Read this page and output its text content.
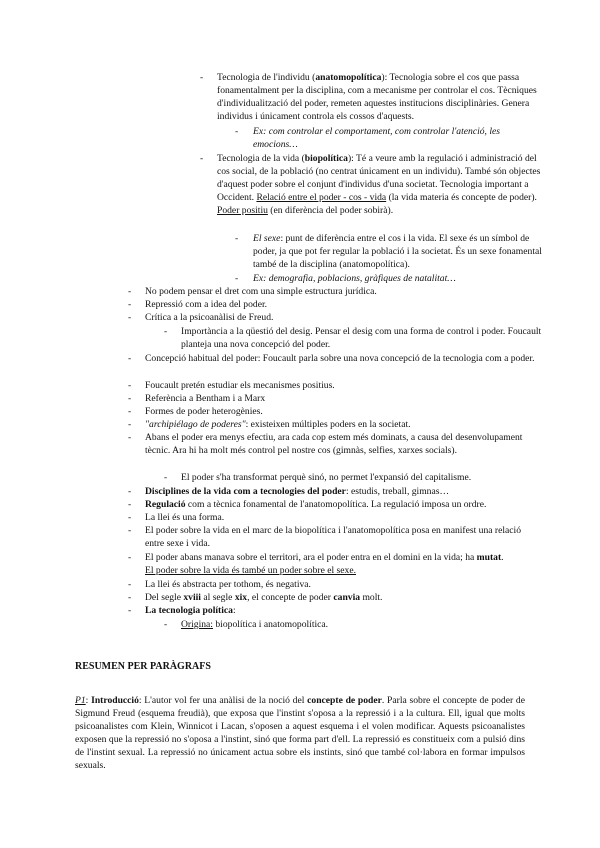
- Tecnologia de l'individu (anatomopolítica): Tecnologia sobre el cos que passa fonamentalment per la disciplina, com a mecanisme per controlar el cos. Tècniques d'individualització del poder, remeten aquestes institucions disciplinàries. Genera individus i únicament controla els cossos d'aquests.
- Ex: com controlar el comportament, com controlar l'atenció, les emocions…
- Tecnologia de la vida (biopolítica): Té a veure amb la regulació i administració del cos social, de la població (no centrat únicament en un individu). També són objectes d'aquest poder sobre el conjunt d'individus d'una societat. Tecnologia important a Occident. Relació entre el poder - cos - vida (la vida materia és concepte de poder). Poder positiu (en diferència del poder sobirà).
- El sexe: punt de diferència entre el cos i la vida. El sexe és un símbol de poder, ja que pot fer regular la població i la societat. És un sexe fonamental també de la disciplina (anatomopolítica).
- Ex: demografia, poblacions, gràfiques de natalitat…
- No podem pensar el dret com una simple estructura jurídica.
- Repressió com a idea del poder.
- Crítica a la psicoanàlisi de Freud.
- Importància a la qüestió del desig. Pensar el desig com una forma de control i poder. Foucault planteja una nova concepció del poder.
- Concepció habitual del poder: Foucault parla sobre una nova concepció de la tecnologia com a poder.
- Foucault pretén estudiar els mecanismes positius.
- Referència a Bentham i a Marx
- Formes de poder heterogènies.
- "archipiélago de poderes": existeixen múltiples poders en la societat.
- Abans el poder era menys efectiu, ara cada cop estem més dominats, a causa del desenvolupament tècnic. Ara hi ha molt més control pel nostre cos (gimnàs, selfies, xarxes socials).
- El poder s'ha transformat perquè sinó, no permet l'expansió del capitalisme.
- Disciplines de la vida com a tecnologies del poder: estudis, treball, gimnas…
- Regulació com a tècnica fonamental de l'anatomopolítica. La regulació imposa un ordre.
- La llei és una forma.
- El poder sobre la vida en el marc de la biopolítica i l'anatomopolítica posa en manifest una relació entre sexe i vida.
- El poder abans manava sobre el territori, ara el poder entra en el domini en la vida; ha mutat.
El poder sobre la vida és també un poder sobre el sexe.
- La llei és abstracta per tothom, és negativa.
- Del segle xviii al segle xix, el concepte de poder canvia molt.
- La tecnologia política:
- Origina: biopolítica i anatomopolítica.
RESUMEN PER PARÀGRAFS

P1: Introducció: L'autor vol fer una anàlisi de la noció del concepte de poder. Parla sobre el concepte de poder de Sigmund Freud (esquema freudià), que exposa que l'instint s'oposa a la repressió i a la cultura. Ell, igual que molts psicoanalistes com Klein, Winnicot i Lacan, s'oposen a aquest esquema i el volen modificar. Aquests psicoanalistes exposen que la repressió no s'oposa a l'instint, sinó que forma part d'ell. La repressió es constitueix com a pulsió dins de l'instint sexual. La repressió no únicament actua sobre els instints, sinó que també col·labora en formar impulsos sexuals.
